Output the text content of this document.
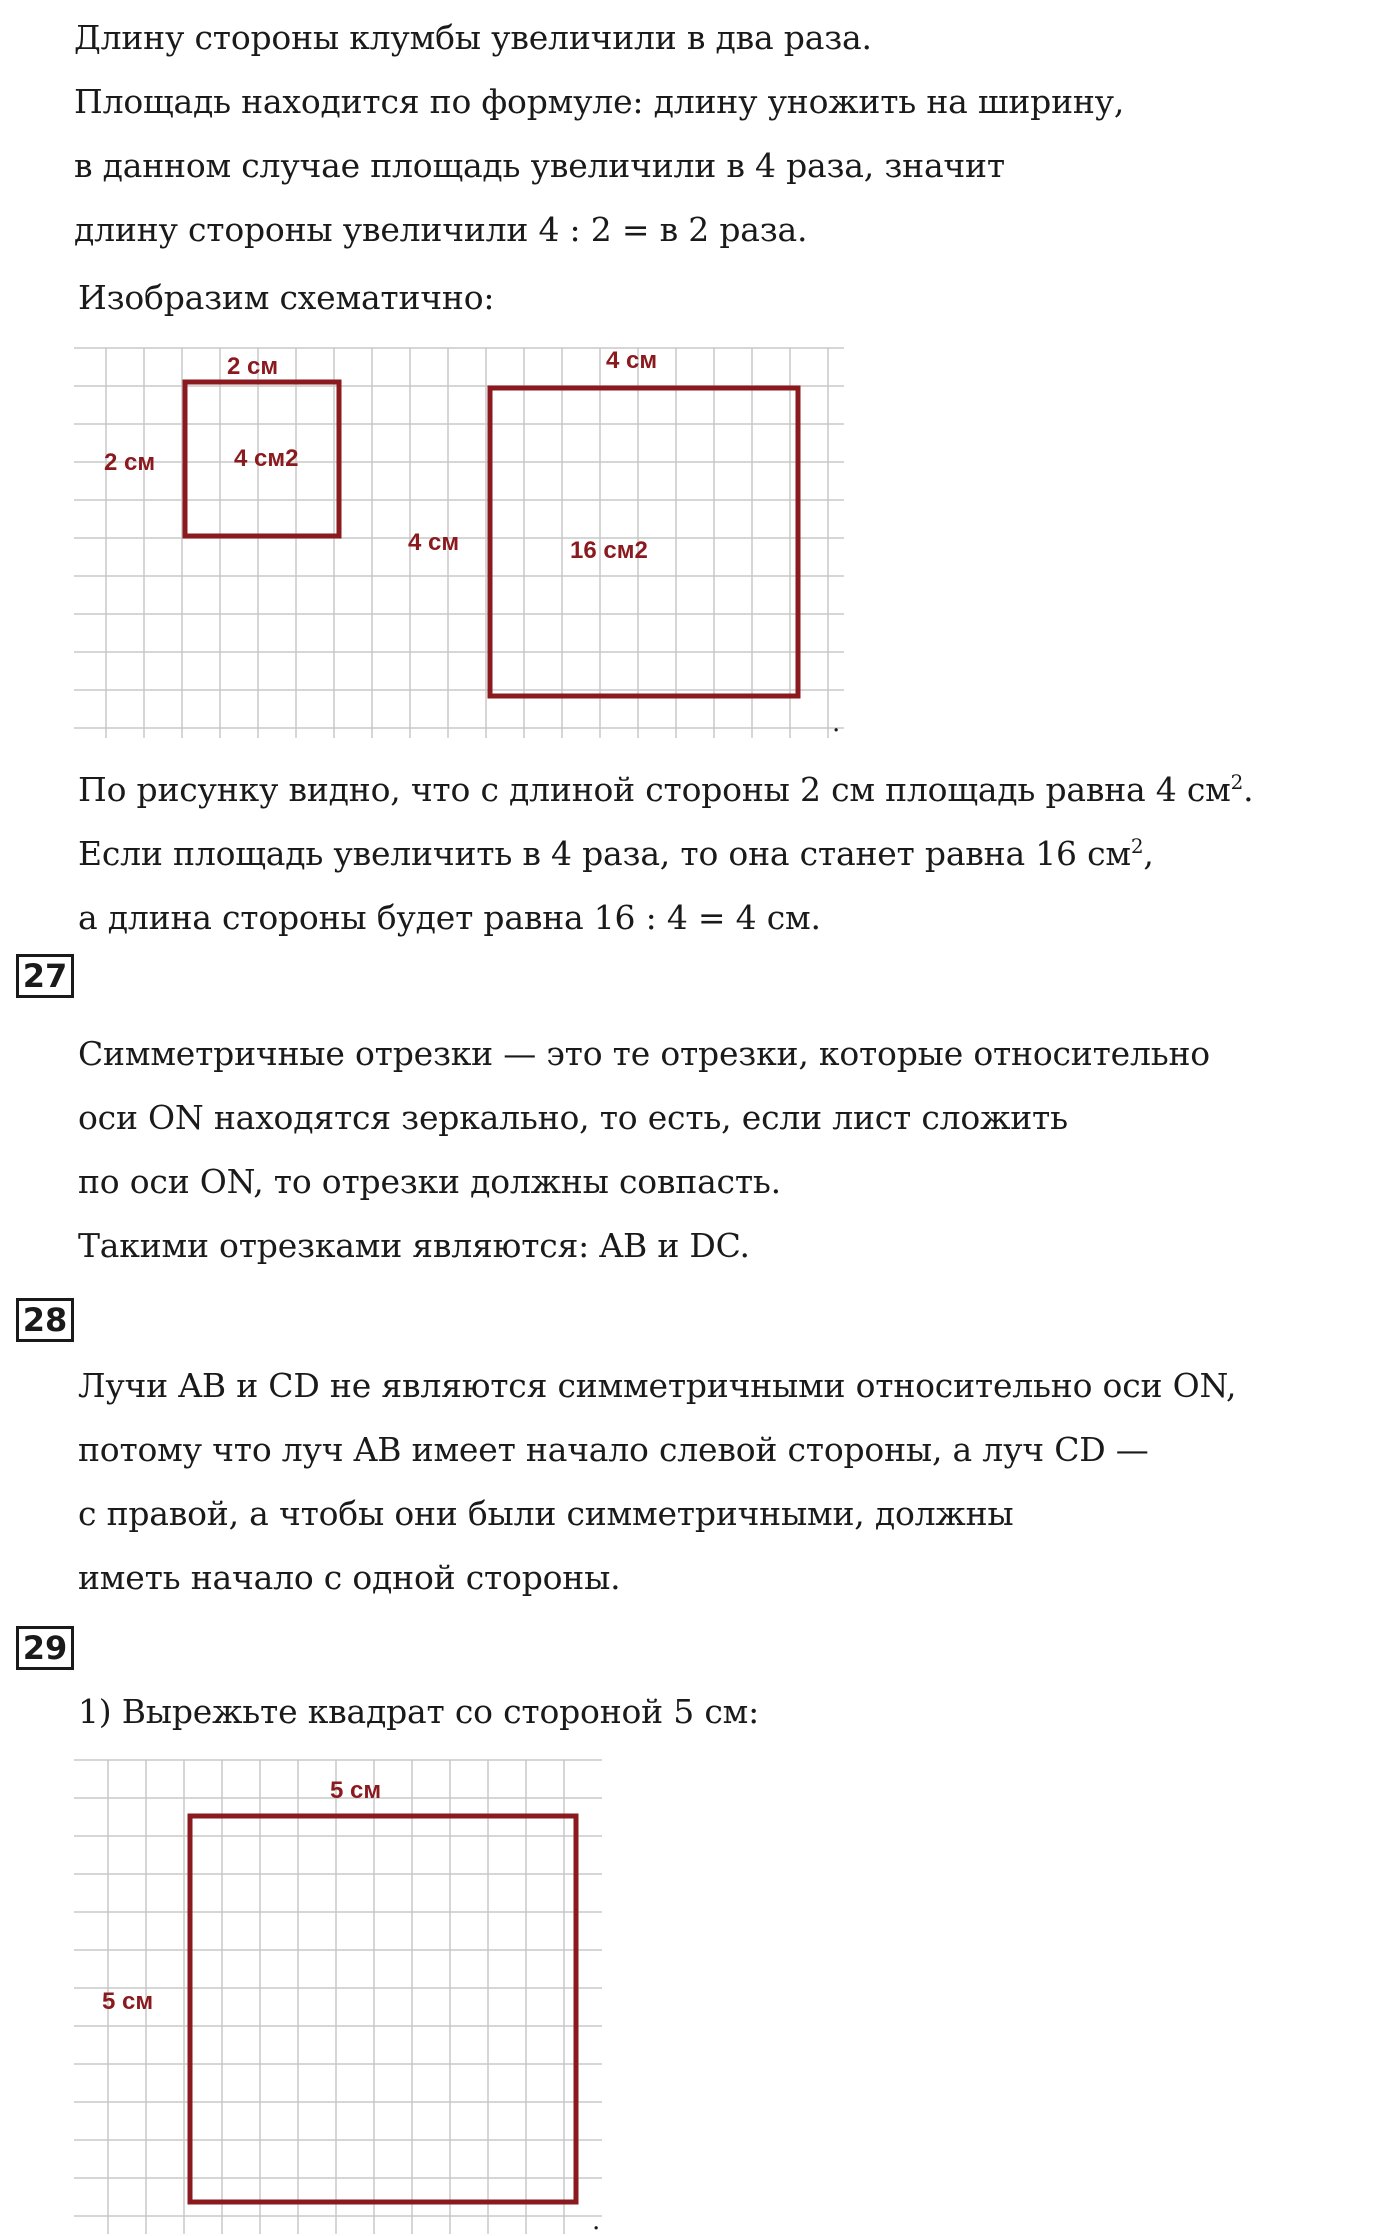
Длину стороны клумбы увеличили в два раза.
Площадь находится по формуле: длину уножить на ширину,
в данном случае площадь увеличили в 4 раза, значит
длину стороны увеличили 4 : 2 = в 2 раза.
Изобразим схематично:
2 см
2 см	4 см2
4 см
4 см	16 см2
.
По рисунку видно, что с длиной стороны 2 см площадь равна 4 $см^2$.
Если площадь увеличить в 4 раза, то она станет равна 16 $см^2$,
а длина стороны будет равна 16 : 4 = 4 см.
27
Симметричные отрезки — это те отрезки, которые относительно
оси ON находятся зеркально, то есть, если лист сложить
по оси ON, то отрезки должны совпасть.
Такими отрезками являются: AB и DC.
28
Лучи AB и CD не являются симметричными относительно оси ON,
потому что луч AB имеет начало слевой стороны, а луч CD —
с правой, а чтобы они были симметричными, должны
иметь начало с одной стороны.
29
1) Вырежьте квадрат со стороной 5 см:
5 см
5 см
.
